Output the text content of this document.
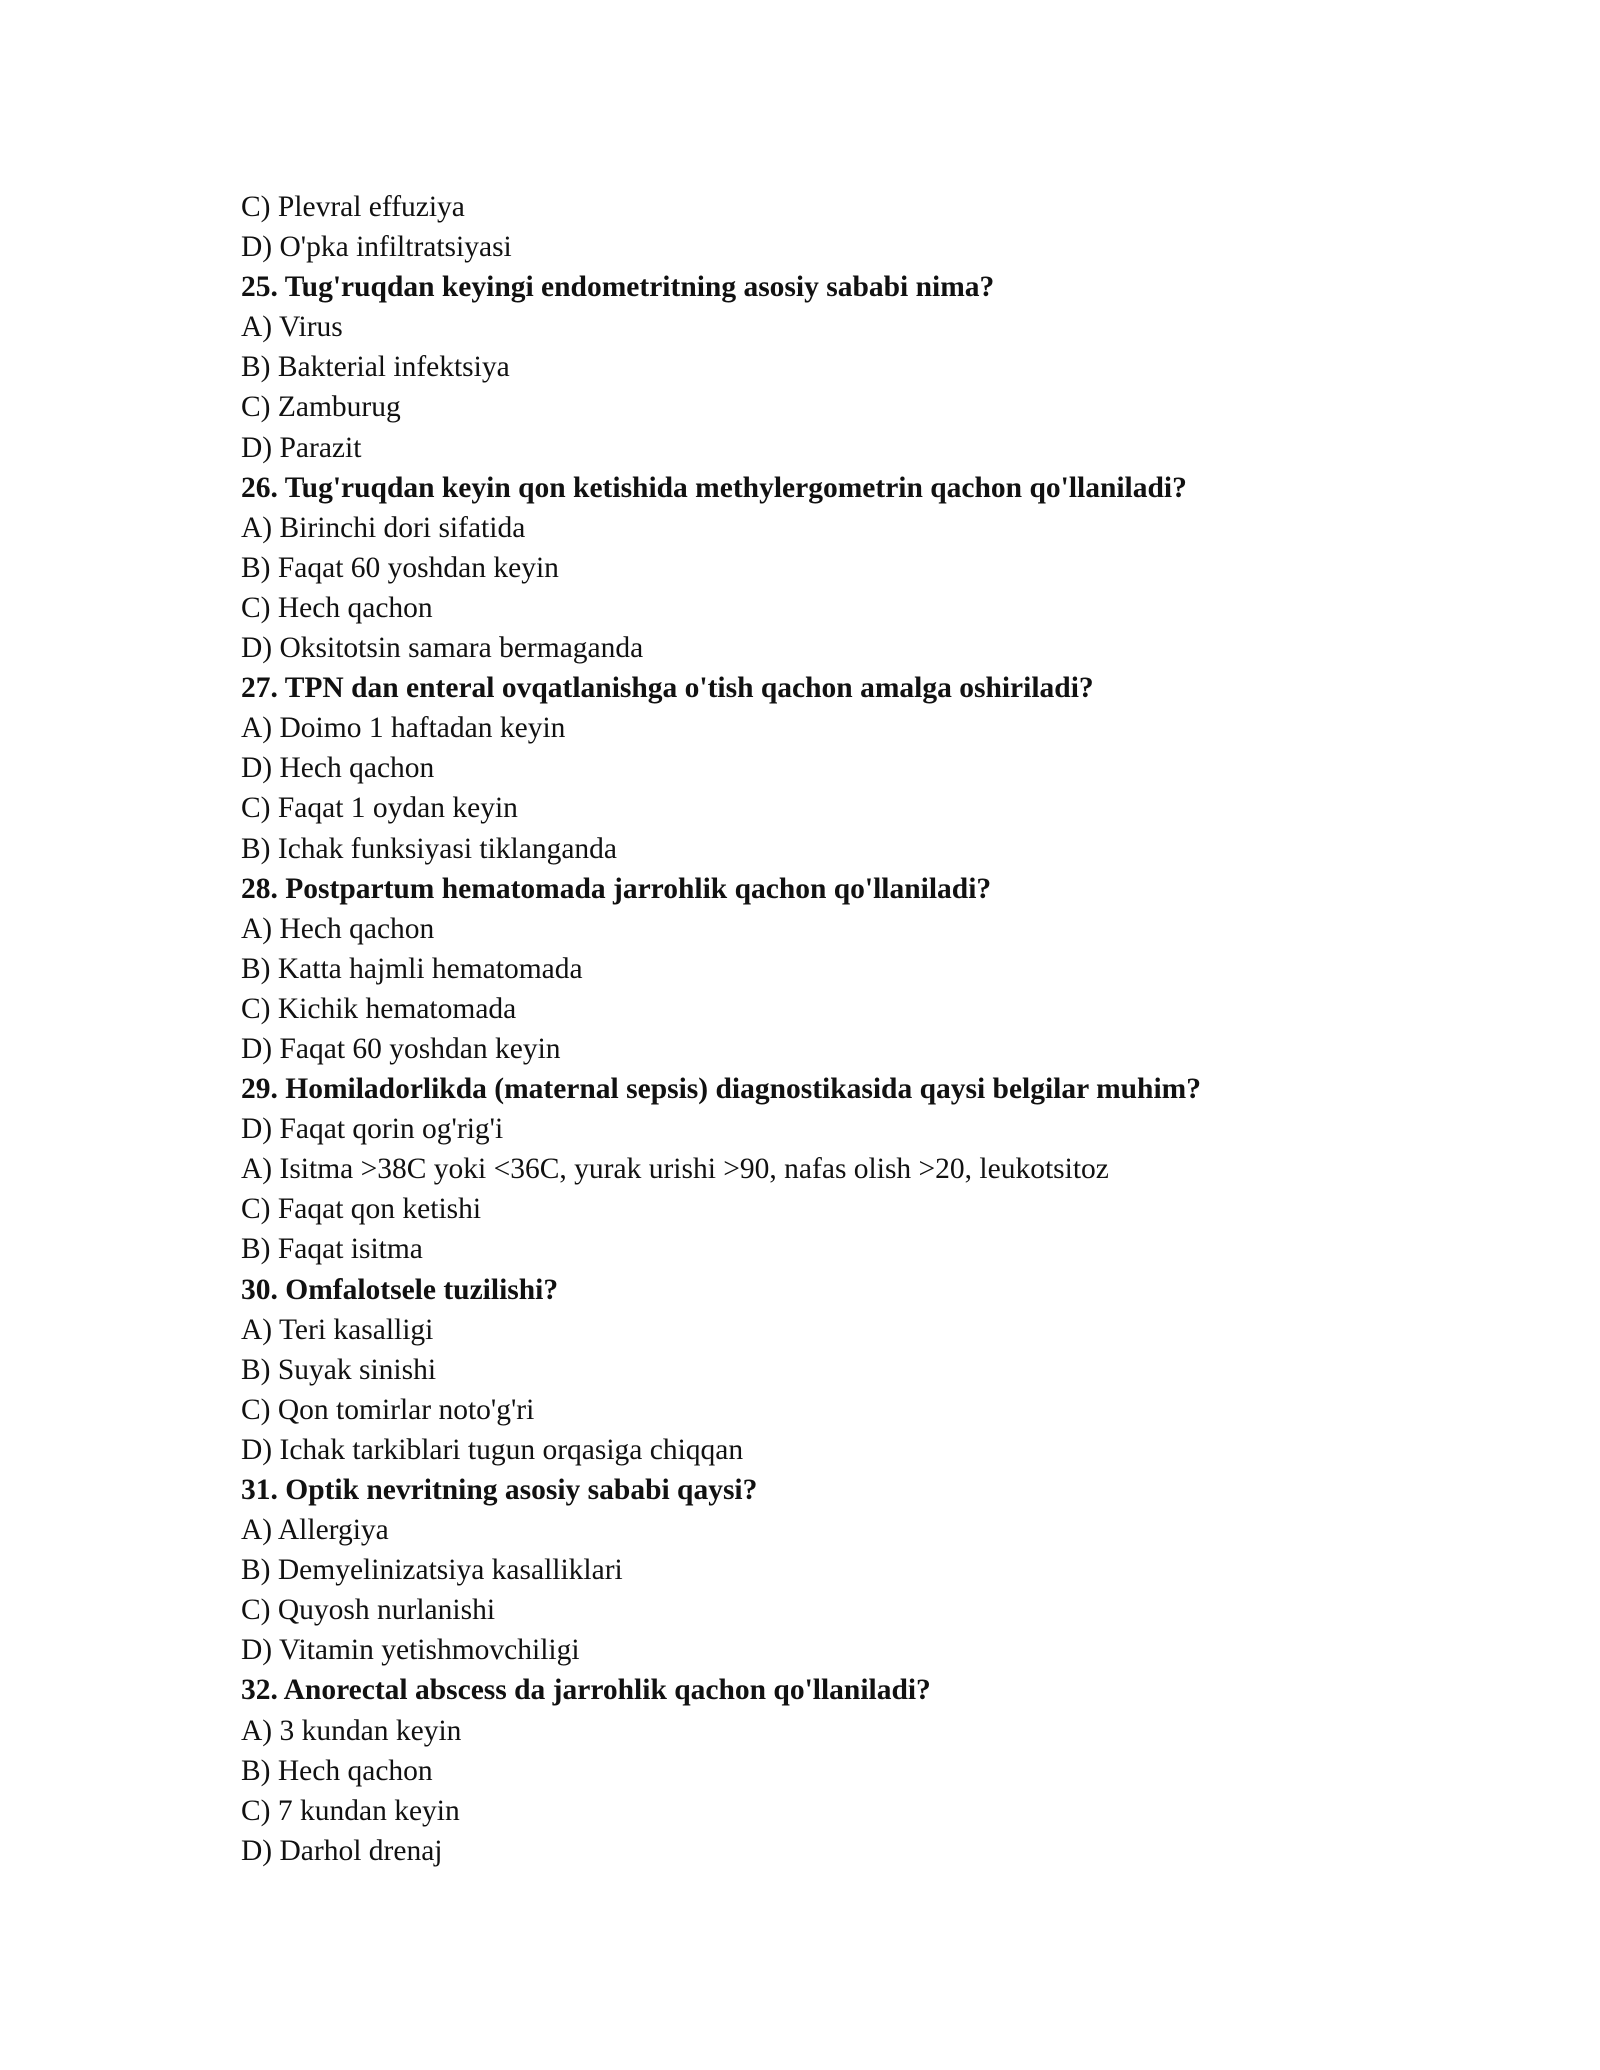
C) Plevral effuziya
D) O'pka infiltratsiyasi
25. Tug'ruqdan keyingi endometritning asosiy sababi nima?
A) Virus
B) Bakterial infektsiya
C) Zamburug
D) Parazit
26. Tug'ruqdan keyin qon ketishida methylergometrin qachon qo'llaniladi?
A) Birinchi dori sifatida
B) Faqat 60 yoshdan keyin
C) Hech qachon
D) Oksitotsin samara bermaganda
27. TPN dan enteral ovqatlanishga o'tish qachon amalga oshiriladi?
A) Doimo 1 haftadan keyin
D) Hech qachon
C) Faqat 1 oydan keyin
B) Ichak funksiyasi tiklanganda
28. Postpartum hematomada jarrohlik qachon qo'llaniladi?
A) Hech qachon
B) Katta hajmli hematomada
C) Kichik hematomada
D) Faqat 60 yoshdan keyin
29. Homiladorlikda (maternal sepsis) diagnostikasida qaysi belgilar muhim?
D) Faqat qorin og'rig'i
A) Isitma >38C yoki <36C, yurak urishi >90, nafas olish >20, leukotsitoz
C) Faqat qon ketishi
B) Faqat isitma
30. Omfalotsele tuzilishi?
A) Teri kasalligi
B) Suyak sinishi
C) Qon tomirlar noto'g'ri
D) Ichak tarkiblari tugun orqasiga chiqqan
31. Optik nevritning asosiy sababi qaysi?
A) Allergiya
B) Demyelinizatsiya kasalliklari
C) Quyosh nurlanishi
D) Vitamin yetishmovchiligi
32. Anorectal abscess da jarrohlik qachon qo'llaniladi?
A) 3 kundan keyin
B) Hech qachon
C) 7 kundan keyin
D) Darhol drenaj
